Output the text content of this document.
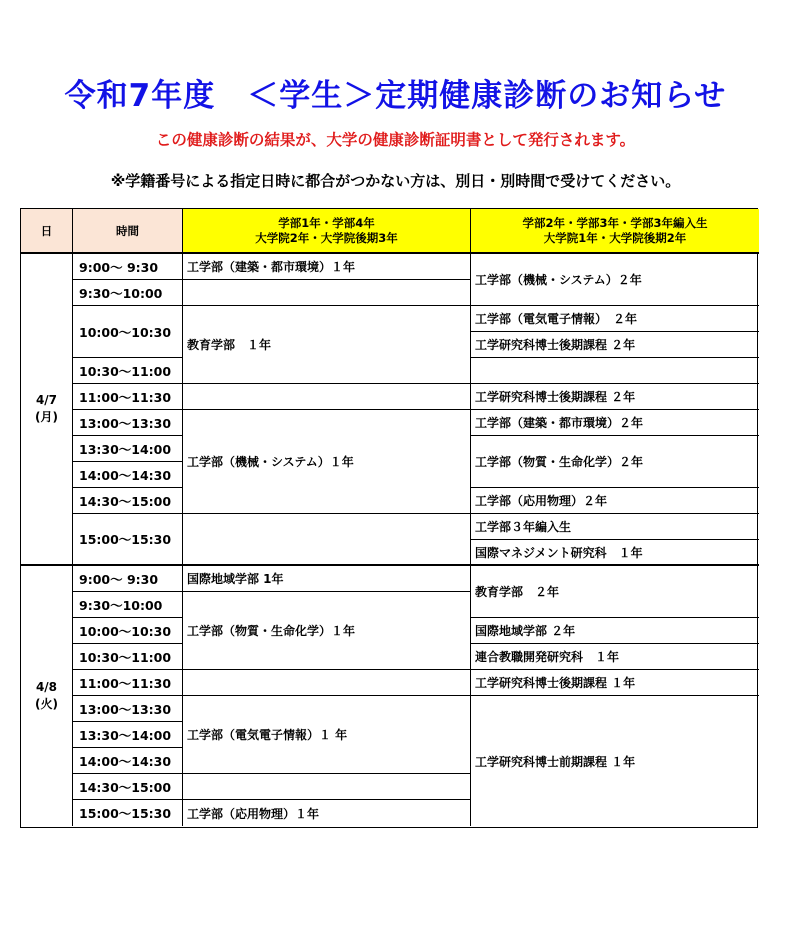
令和7年度　＜学生＞定期健康診断のお知らせ
この健康診断の結果が、大学の健康診断証明書として発行されます。
※学籍番号による指定日時に都合がつかない方は、別日・別時間で受けてください。
日	時間
学部1年・学部4年
大学院2年・大学院後期3年
学部2年・学部3年・学部3年編入生
大学院1年・大学院後期2年
4/7
(月)
9:00～ 9:30
9:30～10:00
10:00～10:30
10:30～11:00
11:00～11:30
13:00～13:30
13:30～14:00
14:00～14:30
14:30～15:00
15:00～15:30
工学部（建築・都市環境）１年
教育学部　１年
工学部（機械・システム）１年
工学部（機械・システム）２年
工学部（電気電子情報）　２年
工学研究科博士後期課程 ２年
工学研究科博士後期課程 ２年
工学部（建築・都市環境）２年
工学部（物質・生命化学）２年
工学部（応用物理）２年
工学部３年編入生
国際マネジメント研究科　１年
4/8
(火)
9:00～ 9:30
9:30～10:00
10:00～10:30
10:30～11:00
11:00～11:30
13:00～13:30
13:30～14:00
14:00～14:30
14:30～15:00
15:00～15:30
国際地域学部 1年
工学部（物質・生命化学）１年
工学部（電気電子情報）１ 年
工学部（応用物理）１年
教育学部　２年
国際地域学部 ２年
連合教職開発研究科　１年
工学研究科博士後期課程 １年
工学研究科博士前期課程 １年
